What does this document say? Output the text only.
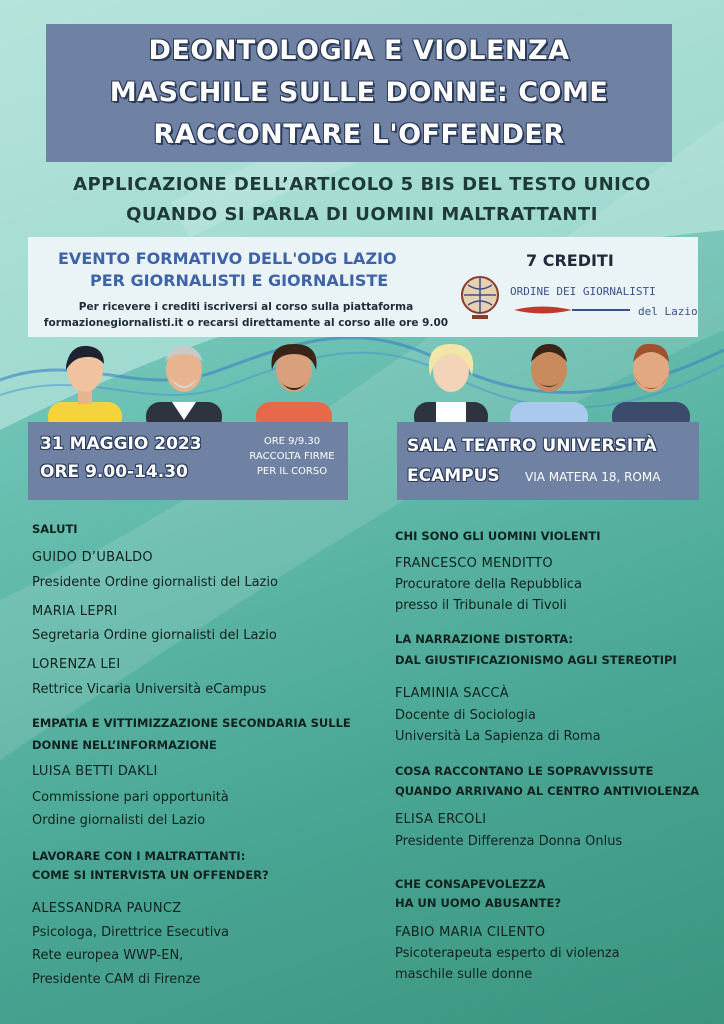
DEONTOLOGIA E VIOLENZA
MASCHILE SULLE DONNE: COME
RACCONTARE L'OFFENDER
APPLICAZIONE DELL’ARTICOLO 5 BIS DEL TESTO UNICO
QUANDO SI PARLA DI UOMINI MALTRATTANTI
EVENTO FORMATIVO DELL'ODG LAZIO
PER GIORNALISTI E GIORNALISTE
Per ricevere i crediti iscriversi al corso sulla piattaforma
formazionegiornalisti.it o recarsi direttamente al corso alle ore 9.00
7 CREDITI
ORDINE DEI GIORNALISTI
del Lazio
31 MAGGIO 2023
ORE 9.00-14.30
ORE 9/9.30
RACCOLTA FIRME
PER IL CORSO
SALA TEATRO UNIVERSITÀ
ECAMPUS VIA MATERA 18, ROMA
SALUTI
GUIDO D’UBALDO
Presidente Ordine giornalisti del Lazio
MARIA LEPRI
Segretaria Ordine giornalisti del Lazio
LORENZA LEI
Rettrice Vicaria Università eCampus
EMPATIA E VITTIMIZZAZIONE SECONDARIA SULLE
DONNE NELL’INFORMAZIONE
LUISA BETTI DAKLI
Commissione pari opportunità
Ordine giornalisti del Lazio
LAVORARE CON I MALTRATTANTI:
COME SI INTERVISTA UN OFFENDER?
ALESSANDRA PAUNCZ
Psicologa, Direttrice Esecutiva
Rete europea WWP-EN,
Presidente CAM di Firenze
CHI SONO GLI UOMINI VIOLENTI
FRANCESCO MENDITTO
Procuratore della Repubblica
presso il Tribunale di Tivoli
LA NARRAZIONE DISTORTA:
DAL GIUSTIFICAZIONISMO AGLI STEREOTIPI
FLAMINIA SACCÀ
Docente di Sociologia
Università La Sapienza di Roma
COSA RACCONTANO LE SOPRAVVISSUTE
QUANDO ARRIVANO AL CENTRO ANTIVIOLENZA
ELISA ERCOLI
Presidente Differenza Donna Onlus
CHE CONSAPEVOLEZZA
HA UN UOMO ABUSANTE?
FABIO MARIA CILENTO
Psicoterapeuta esperto di violenza
maschile sulle donne
